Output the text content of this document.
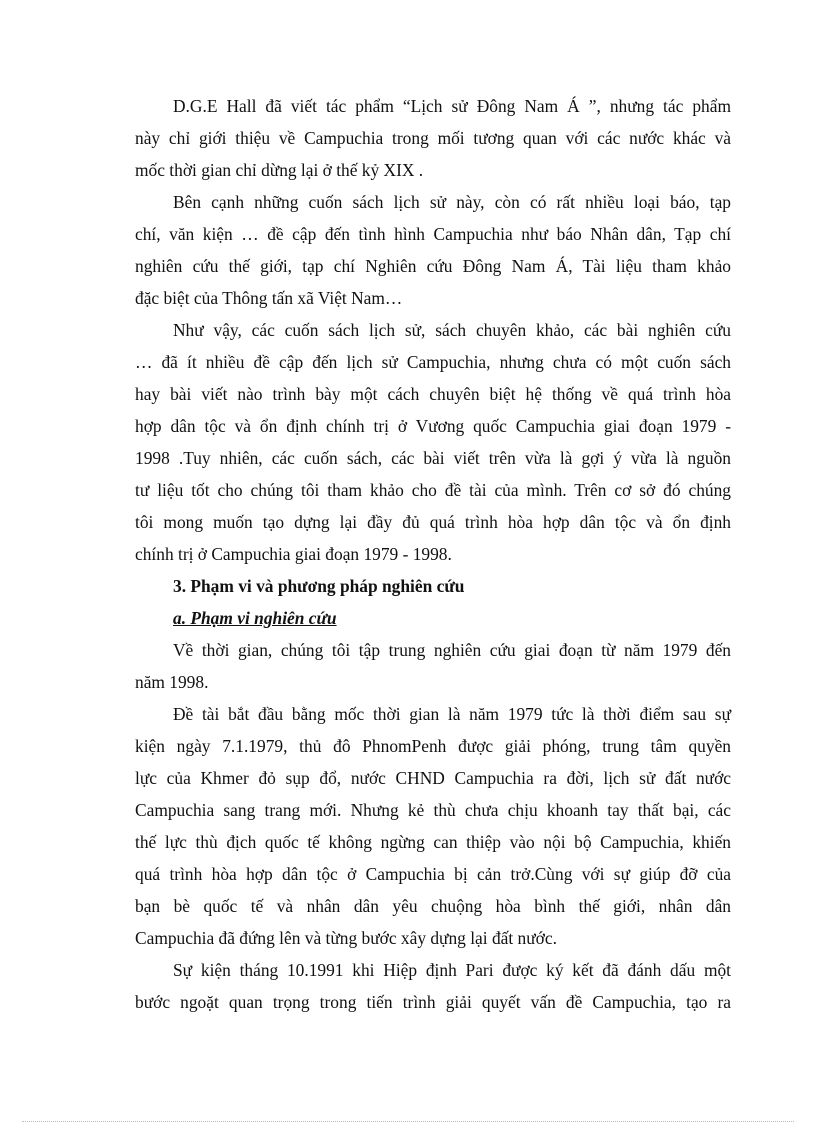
D.G.E Hall đã viết tác phẩm “Lịch sử Đông Nam Á ”, nhưng tác phẩm
này chỉ giới thiệu về Campuchia trong mối tương quan với các nước khác và
mốc thời gian chỉ dừng lại ở thế kỷ XIX .
Bên cạnh những cuốn sách lịch sử này, còn có rất nhiều loại báo, tạp
chí, văn kiện … đề cập đến tình hình Campuchia như báo Nhân dân, Tạp chí
nghiên cứu thế giới, tạp chí Nghiên cứu Đông Nam Á, Tài liệu tham khảo
đặc biệt của Thông tấn xã Việt Nam…
Như vậy, các cuốn sách lịch sử, sách chuyên khảo, các bài nghiên cứu
… đã ít nhiều đề cập đến lịch sử Campuchia, nhưng chưa có một cuốn sách
hay bài viết nào trình bày một cách chuyên biệt hệ thống về quá trình hòa
hợp dân tộc và ổn định chính trị ở Vương quốc Campuchia giai đoạn 1979 -
1998 .Tuy nhiên, các cuốn sách, các bài viết trên vừa là gợi ý vừa là nguồn
tư liệu tốt cho chúng tôi tham khảo cho đề tài của mình. Trên cơ sở đó chúng
tôi mong muốn tạo dựng lại đầy đủ quá trình hòa hợp dân tộc và ổn định
chính trị ở Campuchia giai đoạn 1979 - 1998.
3. Phạm vi và phương pháp nghiên cứu
a. Phạm vi nghiên cứu
Về thời gian, chúng tôi tập trung nghiên cứu giai đoạn từ năm 1979 đến
năm 1998.
Đề tài bắt đầu bằng mốc thời gian là năm 1979 tức là thời điểm sau sự
kiện ngày 7.1.1979, thủ đô PhnomPenh được giải phóng, trung tâm quyền
lực của Khmer đỏ sụp đổ, nước CHND Campuchia ra đời, lịch sử đất nước
Campuchia sang trang mới. Nhưng kẻ thù chưa chịu khoanh tay thất bại, các
thế lực thù địch quốc tế không ngừng can thiệp vào nội bộ Campuchia, khiến
quá trình hòa hợp dân tộc ở Campuchia bị cản trở.Cùng với sự giúp đỡ của
bạn bè quốc tế và nhân dân yêu chuộng hòa bình thế giới, nhân dân
Campuchia đã đứng lên và từng bước xây dựng lại đất nước.
Sự kiện tháng 10.1991 khi Hiệp định Pari được ký kết đã đánh dấu một
bước ngoặt quan trọng trong tiến trình giải quyết vấn đề Campuchia, tạo ra
